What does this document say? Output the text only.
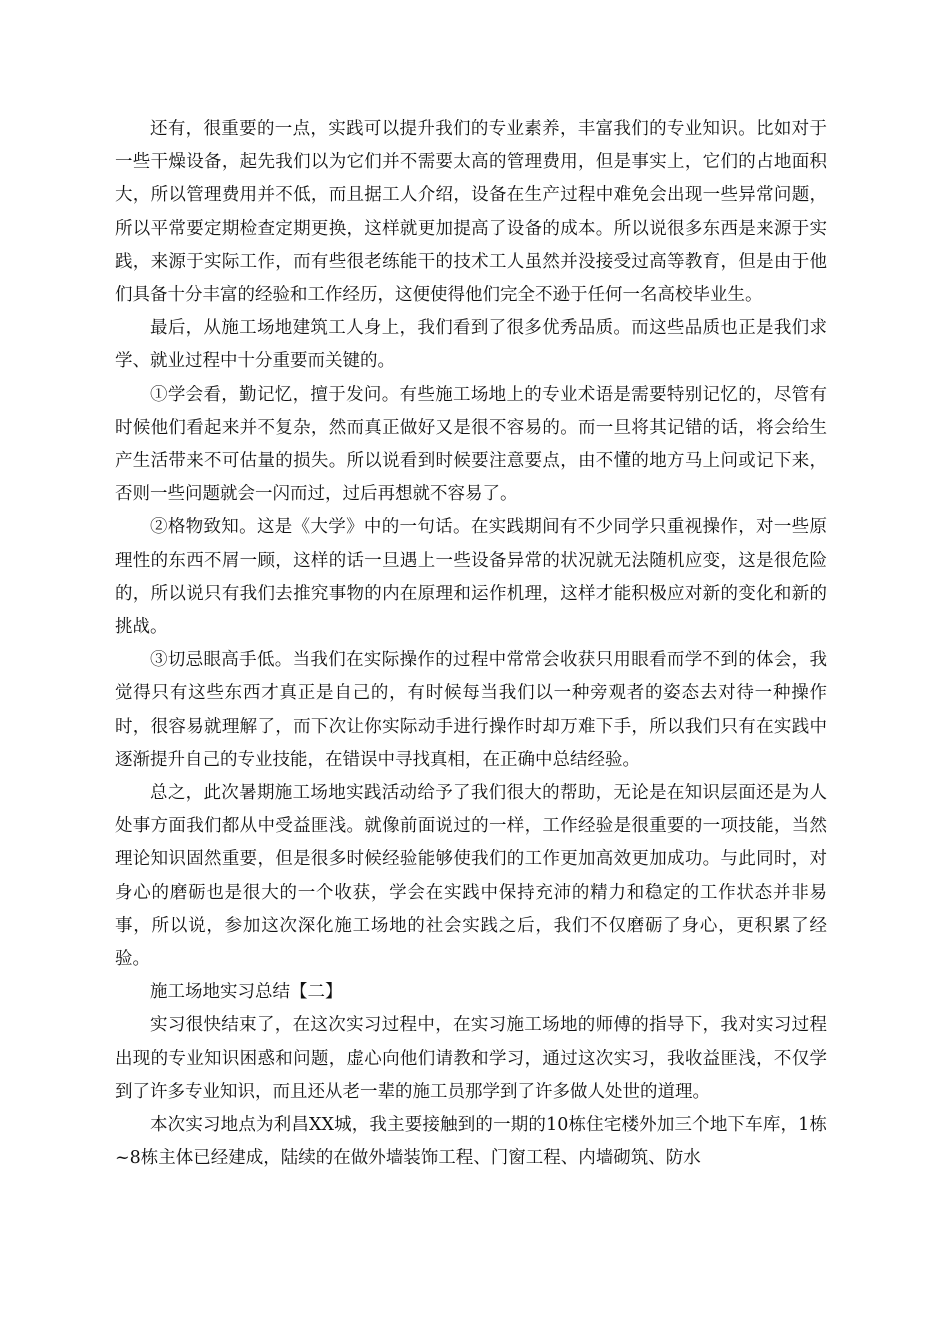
还有，很重要的一点，实践可以提升我们的专业素养，丰富我们的专业知识。比如对于一些干燥设备，起先我们以为它们并不需要太高的管理费用，但是事实上，它们的占地面积大，所以管理费用并不低，而且据工人介绍，设备在生产过程中难免会出现一些异常问题，所以平常要定期检查定期更换，这样就更加提高了设备的成本。所以说很多东西是来源于实践，来源于实际工作，而有些很老练能干的技术工人虽然并没接受过高等教育，但是由于他们具备十分丰富的经验和工作经历，这便使得他们完全不逊于任何一名高校毕业生。

最后，从施工场地建筑工人身上，我们看到了很多优秀品质。而这些品质也正是我们求学、就业过程中十分重要而关键的。

①学会看，勤记忆，擅于发问。有些施工场地上的专业术语是需要特别记忆的，尽管有时候他们看起来并不复杂，然而真正做好又是很不容易的。而一旦将其记错的话，将会给生产生活带来不可估量的损失。所以说看到时候要注意要点，由不懂的地方马上问或记下来，否则一些问题就会一闪而过，过后再想就不容易了。

②格物致知。这是《大学》中的一句话。在实践期间有不少同学只重视操作，对一些原理性的东西不屑一顾，这样的话一旦遇上一些设备异常的状况就无法随机应变，这是很危险的，所以说只有我们去推究事物的内在原理和运作机理，这样才能积极应对新的变化和新的挑战。

③切忌眼高手低。当我们在实际操作的过程中常常会收获只用眼看而学不到的体会，我觉得只有这些东西才真正是自己的，有时候每当我们以一种旁观者的姿态去对待一种操作时，很容易就理解了，而下次让你实际动手进行操作时却万难下手，所以我们只有在实践中逐渐提升自己的专业技能，在错误中寻找真相，在正确中总结经验。

总之，此次暑期施工场地实践活动给予了我们很大的帮助，无论是在知识层面还是为人处事方面我们都从中受益匪浅。就像前面说过的一样，工作经验是很重要的一项技能，当然理论知识固然重要，但是很多时候经验能够使我们的工作更加高效更加成功。与此同时，对身心的磨砺也是很大的一个收获，学会在实践中保持充沛的精力和稳定的工作状态并非易事，所以说，参加这次深化施工场地的社会实践之后，我们不仅磨砺了身心，更积累了经验。

施工场地实习总结【二】

实习很快结束了，在这次实习过程中，在实习施工场地的师傅的指导下，我对实习过程出现的专业知识困惑和问题，虚心向他们请教和学习，通过这次实习，我收益匪浅，不仅学到了许多专业知识，而且还从老一辈的施工员那学到了许多做人处世的道理。

本次实习地点为利昌XX城，我主要接触到的一期的10栋住宅楼外加三个地下车库，1栋~8栋主体已经建成，陆续的在做外墙装饰工程、门窗工程、内墙砌筑、防水
